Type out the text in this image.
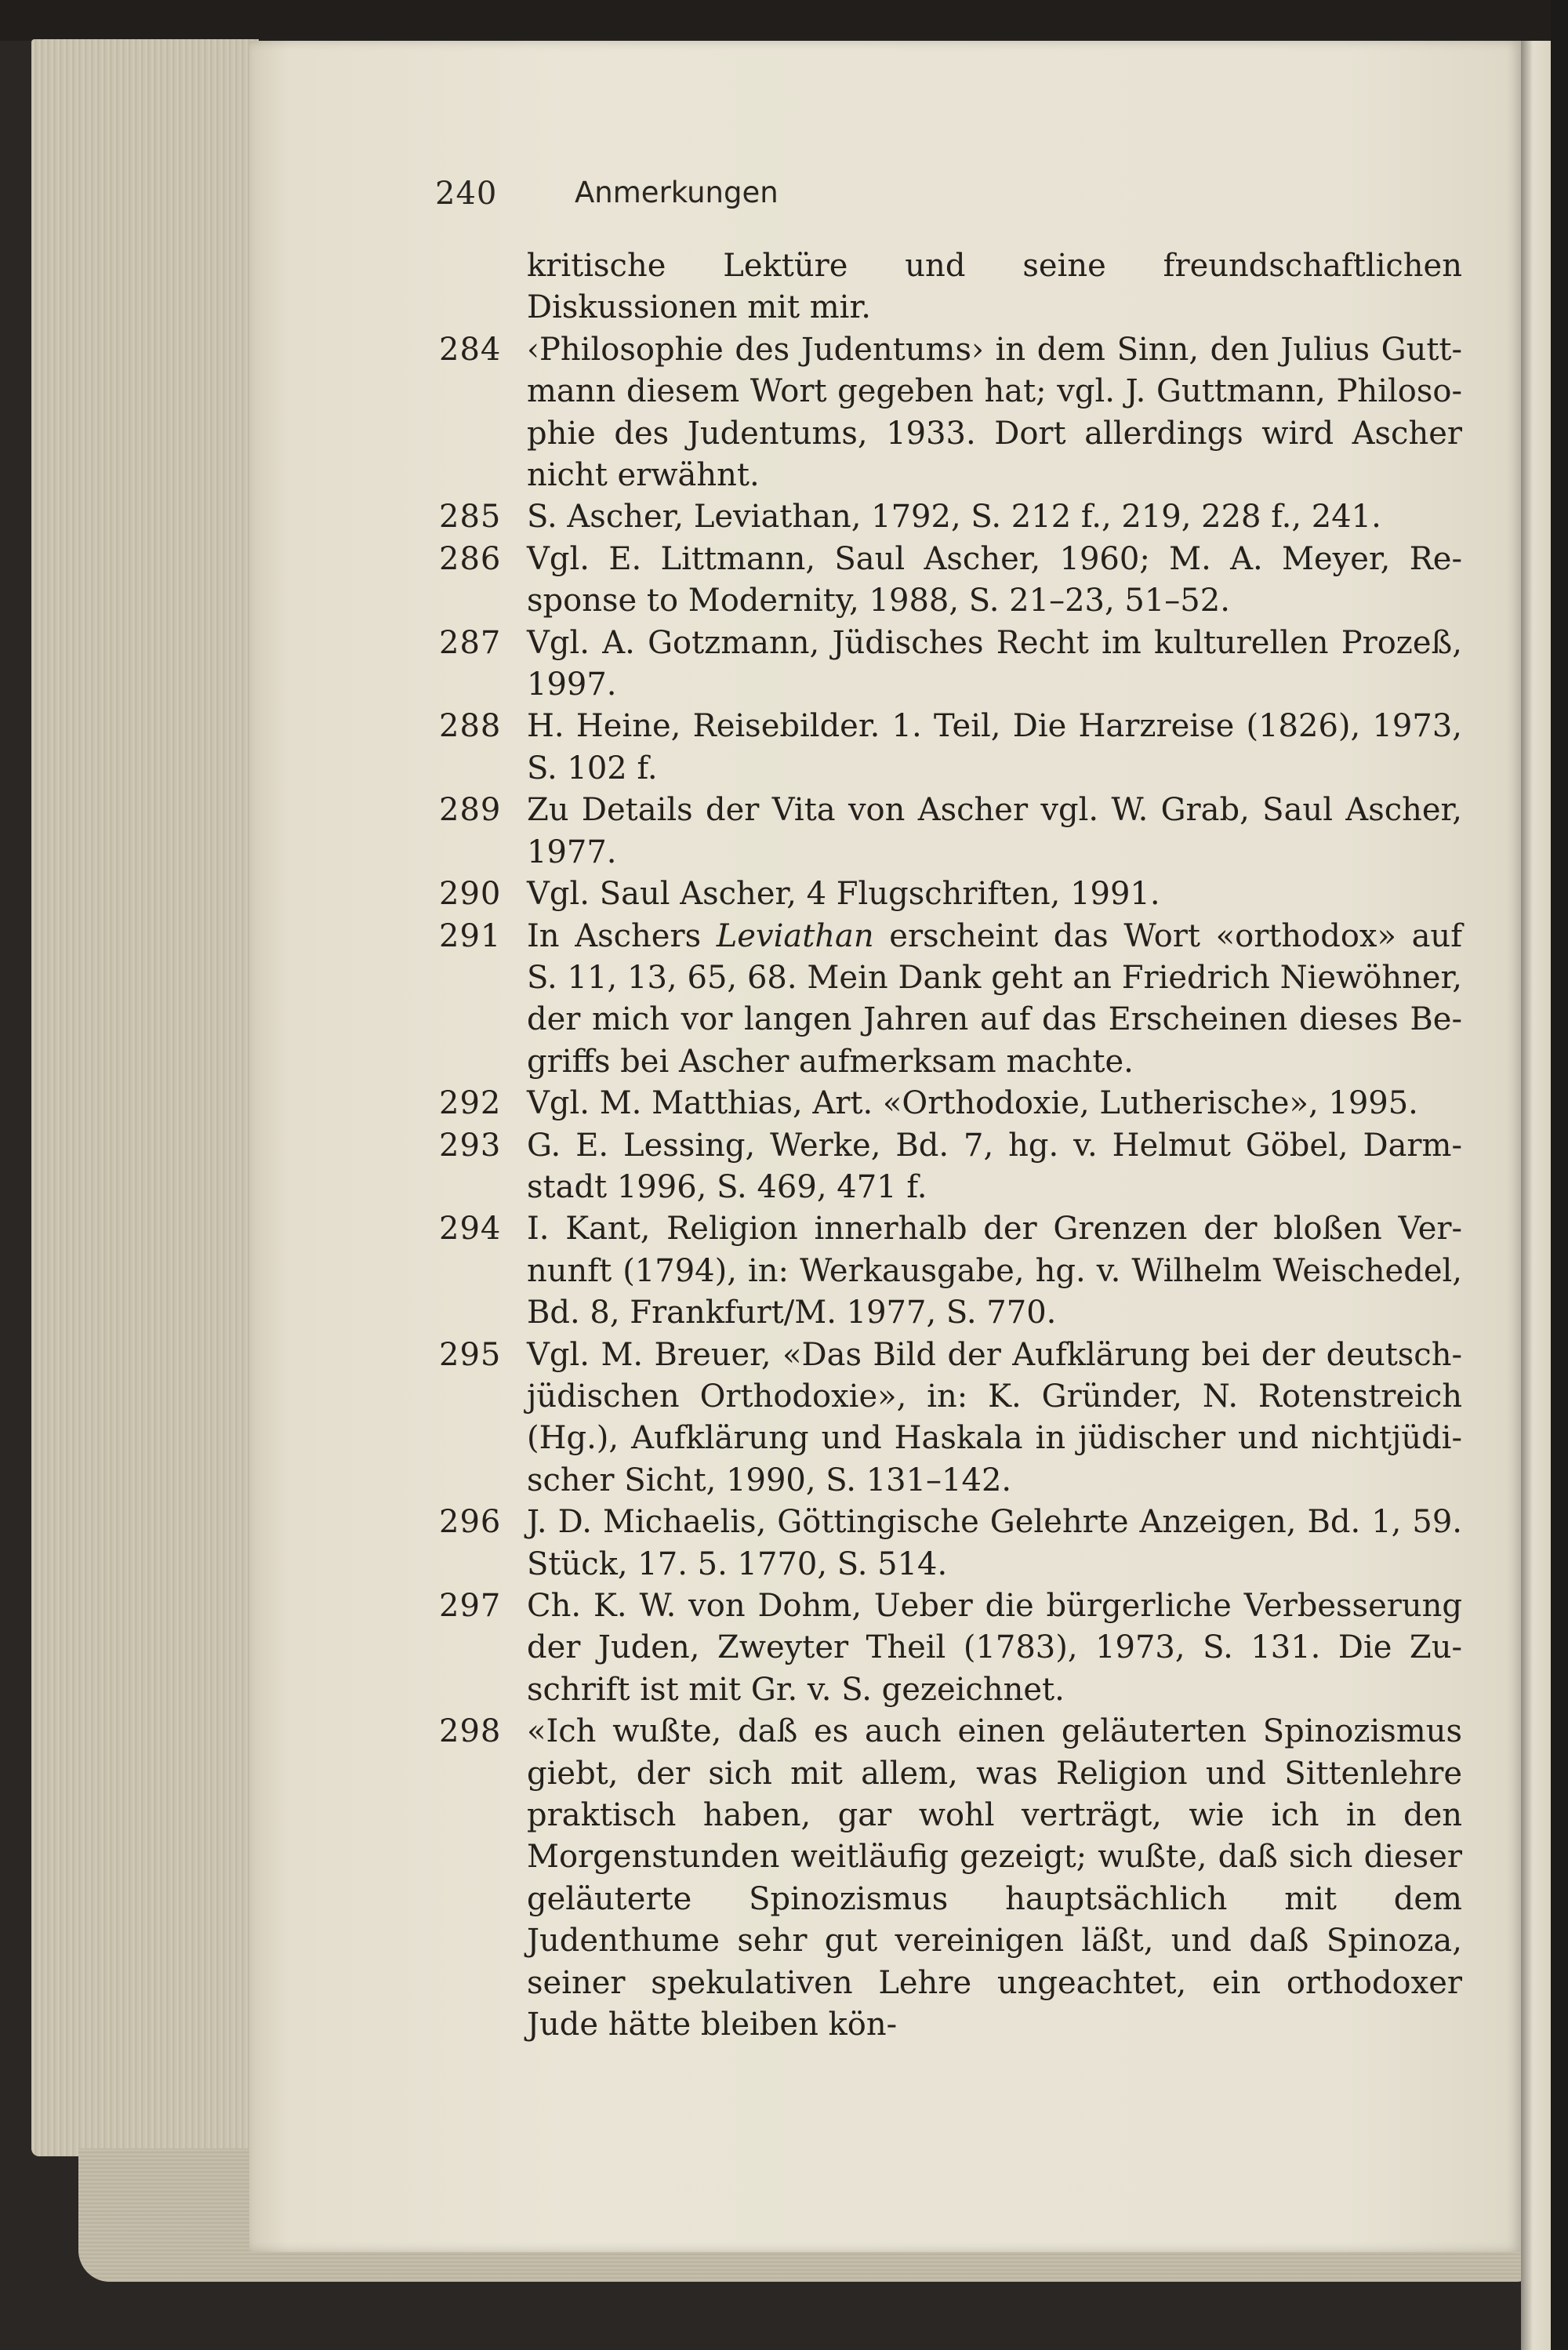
240	Anmerkungen
kritische Lektüre und seine freundschaftlichen Diskussionen mit mir.
284 ‹Philosophie des Judentums› in dem Sinn, den Julius Guttmann diesem Wort gegeben hat; vgl. J. Guttmann, Philosophie des Judentums, 1933. Dort allerdings wird Ascher nicht erwähnt.
285 S. Ascher, Leviathan, 1792, S. 212 f., 219, 228 f., 241.
286 Vgl. E. Littmann, Saul Ascher, 1960; M. A. Meyer, Response to Modernity, 1988, S. 21–23, 51–52.
287 Vgl. A. Gotzmann, Jüdisches Recht im kulturellen Prozeß, 1997.
288 H. Heine, Reisebilder. 1. Teil, Die Harzreise (1826), 1973, S. 102 f.
289 Zu Details der Vita von Ascher vgl. W. Grab, Saul Ascher, 1977.
290 Vgl. Saul Ascher, 4 Flugschriften, 1991.
291 In Aschers Leviathan erscheint das Wort «orthodox» auf S. 11, 13, 65, 68. Mein Dank geht an Friedrich Niewöhner, der mich vor langen Jahren auf das Erscheinen dieses Begriffs bei Ascher aufmerksam machte.
292 Vgl. M. Matthias, Art. «Orthodoxie, Lutherische», 1995.
293 G. E. Lessing, Werke, Bd. 7, hg. v. Helmut Göbel, Darmstadt 1996, S. 469, 471 f.
294 I. Kant, Religion innerhalb der Grenzen der bloßen Vernunft (1794), in: Werkausgabe, hg. v. Wilhelm Weischedel, Bd. 8, Frankfurt/M. 1977, S. 770.
295 Vgl. M. Breuer, «Das Bild der Aufklärung bei der deutschjüdischen Orthodoxie», in: K. Gründer, N. Rotenstreich (Hg.), Aufklärung und Haskala in jüdischer und nichtjüdischer Sicht, 1990, S. 131–142.
296 J. D. Michaelis, Göttingische Gelehrte Anzeigen, Bd. 1, 59. Stück, 17. 5. 1770, S. 514.
297 Ch. K. W. von Dohm, Ueber die bürgerliche Verbesserung der Juden, Zweyter Theil (1783), 1973, S. 131. Die Zuschrift ist mit Gr. v. S. gezeichnet.
298 «Ich wußte, daß es auch einen geläuterten Spinozismus giebt, der sich mit allem, was Religion und Sittenlehre praktisch haben, gar wohl verträgt, wie ich in den Morgenstunden weitläufig gezeigt; wußte, daß sich dieser geläuterte Spinozismus hauptsächlich mit dem Judenthume sehr gut vereinigen läßt, und daß Spinoza, seiner spekulativen Lehre ungeachtet, ein orthodoxer Jude hätte bleiben kön-
